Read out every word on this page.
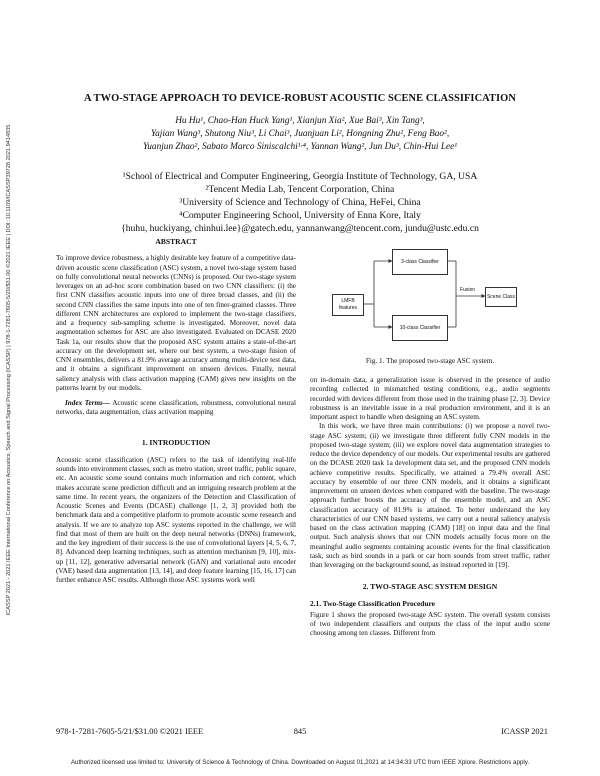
ICASSP 2021 - 2021 IEEE International Conference on Acoustics, Speech and Signal Processing (ICASSP) | 978-1-7281-7605-5/20/$31.00 ©2021 IEEE | DOI: 10.1109/ICASSP39728.2021.9414835
A TWO-STAGE APPROACH TO DEVICE-ROBUST ACOUSTIC SCENE CLASSIFICATION
Hu Hu¹, Chao-Han Huck Yang¹, Xianjun Xia², Xue Bai³, Xin Tang³,
Yajian Wang³, Shutong Niu³, Li Chai³, Juanjuan Li², Hongning Zhu², Feng Bao²,
Yuanjun Zhao², Sabato Marco Siniscalchi¹·⁴, Yannan Wang², Jun Du³, Chin-Hui Lee¹
¹School of Electrical and Computer Engineering, Georgia Institute of Technology, GA, USA
²Tencent Media Lab, Tencent Corporation, China
³University of Science and Technology of China, HeFei, China
⁴Computer Engineering School, University of Enna Kore, Italy
{huhu, huckiyang, chinhui.lee}@gatech.edu, yannanwang@tencent.com, jundu@ustc.edu.cn
ABSTRACT

To improve device robustness, a highly desirable key feature of a competitive data-driven acoustic scene classification (ASC) system, a novel two-stage system based on fully convolutional neural networks (CNNs) is proposed. Our two-stage system leverages on an ad-hoc score combination based on two CNN classifiers: (i) the first CNN classifies acoustic inputs into one of three broad classes, and (ii) the second CNN classifies the same inputs into one of ten finer-grained classes. Three different CNN architectures are explored to implement the two-stage classifiers, and a frequency sub-sampling scheme is investigated. Moreover, novel data augmentation schemes for ASC are also investigated. Evaluated on DCASE 2020 Task 1a, our results show that the proposed ASC system attains a state-of-the-art accuracy on the development set, where our best system, a two-stage fusion of CNN ensembles, delivers a 81.9% average accuracy among multi-device test data, and it obtains a significant improvement on unseen devices. Finally, neural saliency analysis with class activation mapping (CAM) gives new insights on the patterns learnt by our models.

Index Terms— Acoustic scene classification, robustness, convolutional neural networks, data augmentation, class activation mapping

1. INTRODUCTION

Acoustic scene classification (ASC) refers to the task of identifying real-life sounds into environment classes, such as metro station, street traffic, public square, etc. An acoustic scene sound contains much information and rich content, which makes accurate scene prediction difficult and an intriguing research problem at the same time. In recent years, the organizers of the Detection and Classification of Acoustic Scenes and Events (DCASE) challenge [1, 2, 3] provided both the benchmark data and a competitive platform to promote acoustic scene research and analysis. If we are to analyze top ASC systems reported in the challenge, we will find that most of them are built on the deep neural networks (DNNs) framework, and the key ingredient of their success is the use of convolutional layers [4, 5, 6, 7, 8]. Advanced deep learning techniques, such as attention mechanism [9, 10], mix-up [11, 12], generative adversarial network (GAN) and variational auto encoder (VAE) based data augmentation [13, 14], and deep feature learning [15, 16, 17] can further enhance ASC results. Although those ASC systems work well

LMFB features
3-class Classifier
10-class Classifier
Fusion
Scene Class
Fig. 1. The proposed two-stage ASC system.

on in-domain data, a generalization issue is observed in the presence of audio recording collected in mismatched testing conditions, e.g., audio segments recorded with devices different from those used in the training phase [2, 3]. Device robustness is an inevitable issue in a real production environment, and it is an important aspect to handle when designing an ASC system.

In this work, we have three main contributions: (i) we propose a novel two-stage ASC system; (ii) we investigate three different fully CNN models in the proposed two-stage system; (iii) we explore novel data augmentation strategies to reduce the device dependency of our models. Our experimental results are gathered on the DCASE 2020 task 1a development data set, and the proposed CNN models achieve competitive results. Specifically, we attained a 79.4% overall ASC accuracy by ensemble of our three CNN models, and it obtains a significant improvement on unseen devices when compared with the baseline. The two-stage approach further boosts the accuracy of the ensemble model, and an ASC classification accuracy of 81.9% is attained. To better understand the key characteristics of our CNN based systems, we carry out a neural saliency analysis based on the class activation mapping (CAM) [18] on input data and the final output. Such analysis shows that our CNN models actually focus more on the meaningful audio segments containing acoustic events for the final classification task, such as bird sounds in a park or car horn sounds from street traffic, rather than leveraging on the background sound, as instead reported in [19].

2. TWO-STAGE ASC SYSTEM DESIGN
2.1. Two-Stage Classification Procedure

Figure 1 shows the proposed two-stage ASC system. The overall system consists of two independent classifiers and outputs the class of the input audio scene choosing among ten classes. Different from

978-1-7281-7605-5/21/$31.00 ©2021 IEEE	845	ICASSP 2021
Authorized licensed use limited to: University of Science & Technology of China. Downloaded on August 01,2021 at 14:34:33 UTC from IEEE Xplore. Restrictions apply.
